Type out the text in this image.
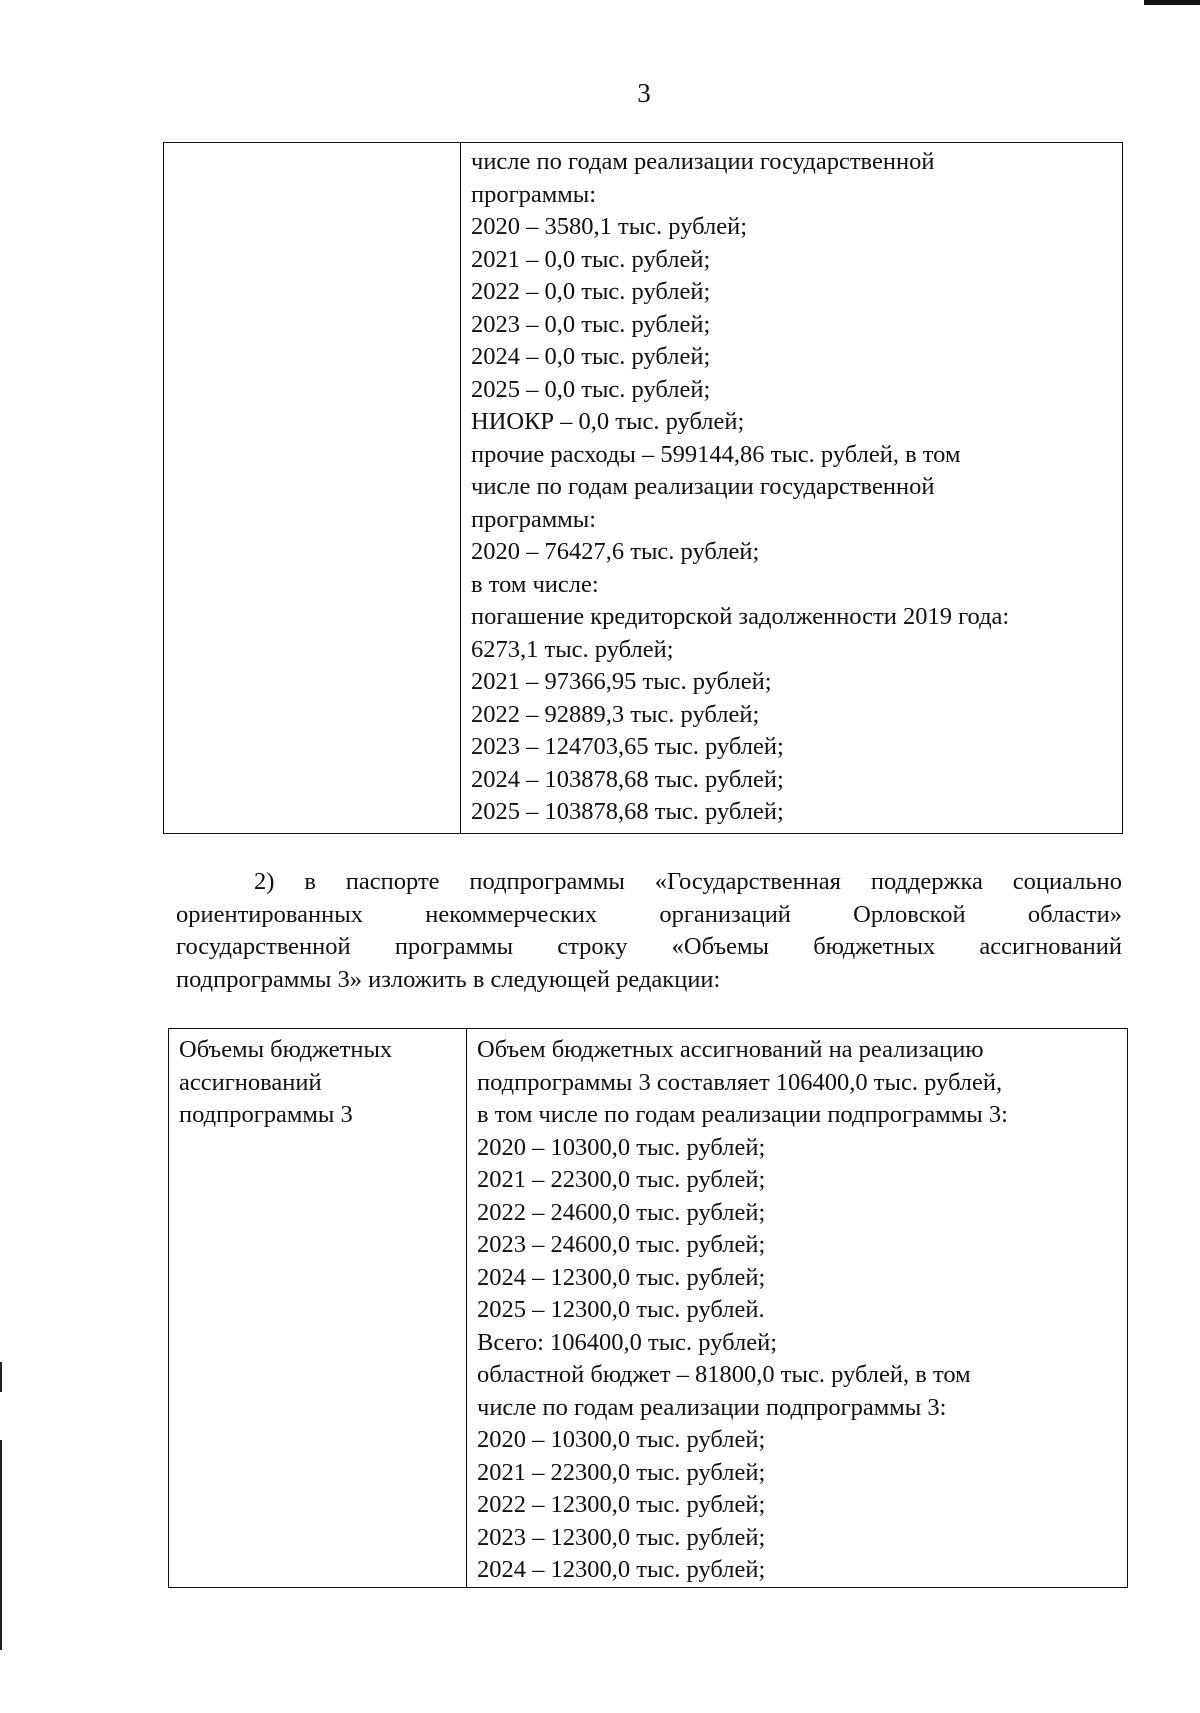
3
числе по годам реализации государственной
программы:
2020 – 3580,1 тыс. рублей;
2021 – 0,0 тыс. рублей;
2022 – 0,0 тыс. рублей;
2023 – 0,0 тыс. рублей;
2024 – 0,0 тыс. рублей;
2025 – 0,0 тыс. рублей;
НИОКР – 0,0 тыс. рублей;
прочие расходы – 599144,86 тыс. рублей, в том
числе по годам реализации государственной
программы:
2020 – 76427,6 тыс. рублей;
в том числе:
погашение кредиторской задолженности 2019 года:
6273,1 тыс. рублей;
2021 – 97366,95 тыс. рублей;
2022 – 92889,3 тыс. рублей;
2023 – 124703,65 тыс. рублей;
2024 – 103878,68 тыс. рублей;
2025 – 103878,68 тыс. рублей;
2) в паспорте подпрограммы «Государственная поддержка социально
ориентированных некоммерческих организаций Орловской области»
государственной программы строку «Объемы бюджетных ассигнований
подпрограммы 3» изложить в следующей редакции:
Объемы бюджетных
ассигнований
подпрограммы 3
Объем бюджетных ассигнований на реализацию
подпрограммы 3 составляет 106400,0 тыс. рублей,
в том числе по годам реализации подпрограммы 3:
2020 – 10300,0 тыс. рублей;
2021 – 22300,0 тыс. рублей;
2022 – 24600,0 тыс. рублей;
2023 – 24600,0 тыс. рублей;
2024 – 12300,0 тыс. рублей;
2025 – 12300,0 тыс. рублей.
Всего: 106400,0 тыс. рублей;
областной бюджет – 81800,0 тыс. рублей, в том
числе по годам реализации подпрограммы 3:
2020 – 10300,0 тыс. рублей;
2021 – 22300,0 тыс. рублей;
2022 – 12300,0 тыс. рублей;
2023 – 12300,0 тыс. рублей;
2024 – 12300,0 тыс. рублей;
